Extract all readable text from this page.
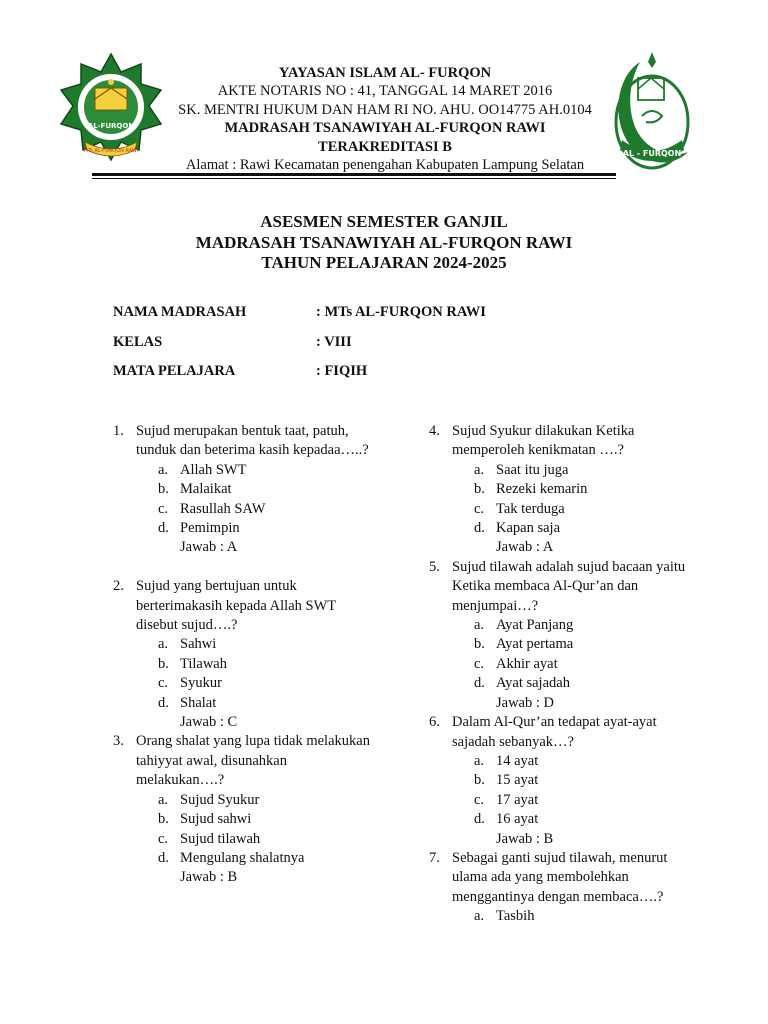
MTs AL-FURQON RAWI
AL-FURQON
AL - FURQON
YAYASAN ISLAM AL- FURQON
AKTE NOTARIS NO : 41, TANGGAL 14 MARET 2016
SK. MENTRI HUKUM DAN HAM RI NO. AHU. OO14775 AH.0104
MADRASAH TSANAWIYAH AL-FURQON RAWI
TERAKREDITASI B
Alamat : Rawi Kecamatan penengahan Kabupaten Lampung Selatan
ASESMEN SEMESTER GANJIL
MADRASAH TSANAWIYAH AL-FURQON RAWI
TAHUN PELAJARAN 2024-2025
NAMA MADRASAH	: MTs AL-FURQON RAWI
KELAS	: VIII
MATA PELAJARA	: FIQIH
1. Sujud merupakan bentuk taat, patuh, tunduk dan beterima kasih kepadaa…..?
a. Allah SWT
b. Malaikat
c. Rasullah SAW
d. Pemimpin
Jawab : A
2. Sujud yang bertujuan untuk berterimakasih kepada Allah SWT disebut sujud….?
a. Sahwi
b. Tilawah
c. Syukur
d. Shalat
Jawab : C
3. Orang shalat yang lupa tidak melakukan tahiyyat awal, disunahkan melakukan….?
a. Sujud Syukur
b. Sujud sahwi
c. Sujud tilawah
d. Mengulang shalatnya
Jawab : B
4. Sujud Syukur dilakukan Ketika memperoleh kenikmatan ….?
a. Saat itu juga
b. Rezeki kemarin
c. Tak terduga
d. Kapan saja
Jawab : A
5. Sujud tilawah adalah sujud bacaan yaitu Ketika membaca Al-Qur’an dan menjumpai…?
a. Ayat Panjang
b. Ayat pertama
c. Akhir ayat
d. Ayat sajadah
Jawab : D
6. Dalam Al-Qur’an tedapat ayat-ayat sajadah sebanyak…?
a. 14 ayat
b. 15 ayat
c. 17 ayat
d. 16 ayat
Jawab : B
7. Sebagai ganti sujud tilawah, menurut ulama ada yang membolehkan menggantinya dengan membaca….?
a. Tasbih
